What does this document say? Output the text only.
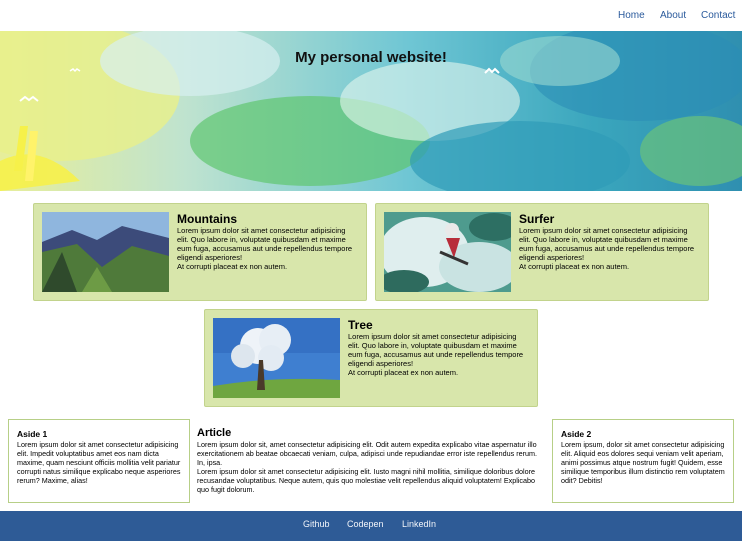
Home About Contact
My personal website!
Mountains

Lorem ipsum dolor sit amet consectetur adipisicing elit. Quo labore in, voluptate quibusdam et maxime eum fuga, accusamus aut unde repellendus tempore eligendi asperiores!

At corrupti placeat ex non autem.

Surfer

Lorem ipsum dolor sit amet consectetur adipisicing elit. Quo labore in, voluptate quibusdam et maxime eum fuga, accusamus aut unde repellendus tempore eligendi asperiores!

At corrupti placeat ex non autem.

Tree

Lorem ipsum dolor sit amet consectetur adipisicing elit. Quo labore in, voluptate quibusdam et maxime eum fuga, accusamus aut unde repellendus tempore eligendi asperiores!

At corrupti placeat ex non autem.

Aside 1

Lorem ipsum dolor sit amet consectetur adipisicing elit. Impedit voluptatibus amet eos nam dicta maxime, quam nesciunt officiis mollitia velit pariatur corrupti natus similique explicabo neque asperiores rerum? Maxime, alias!

Article

Lorem ipsum dolor sit, amet consectetur adipisicing elit. Odit autem expedita explicabo vitae aspernatur illo exercitationem ab beatae obcaecati veniam, culpa, adipisci unde repudiandae error iste repellendus rerum. In, ipsa.

Lorem ipsum dolor sit amet consectetur adipisicing elit. Iusto magni nihil mollitia, similique doloribus dolore recusandae voluptatibus. Neque autem, quis quo molestiae velit repellendus aliquid voluptatem! Explicabo quo fugit dolorum.

Aside 2

Lorem ipsum, dolor sit amet consectetur adipisicing elit. Aliquid eos dolores sequi veniam velit aperiam, animi possimus atque nostrum fugit! Quidem, esse similique temporibus illum distinctio rem voluptatem odit? Debitis!

Github Codepen LinkedIn
